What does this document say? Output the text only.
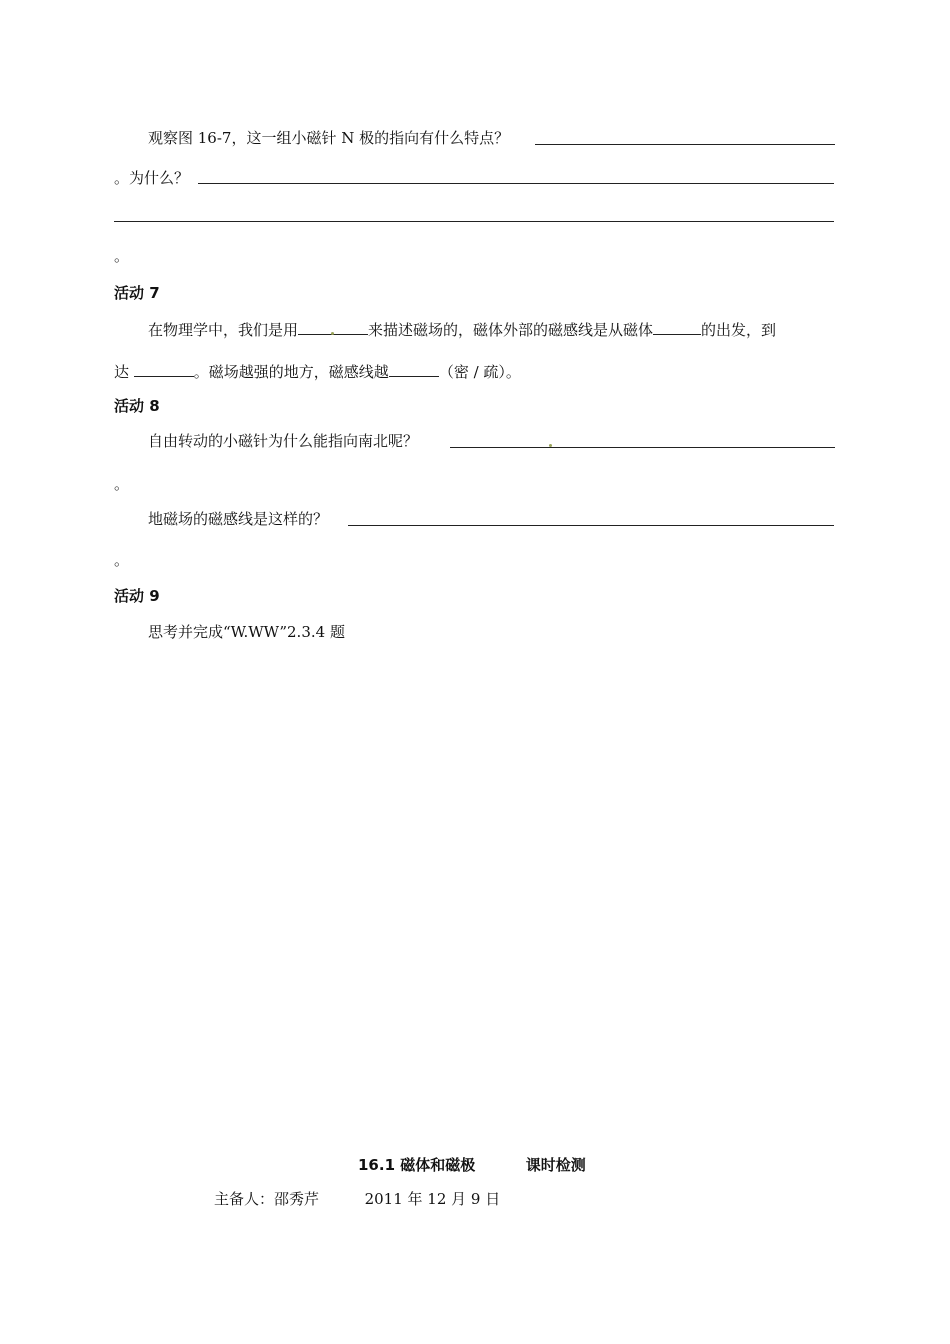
观察图 16-7，这一组小磁针 N 极的指向有什么特点？
。为什么？
。
活动 7
在物理学中，我们是用	来描述磁场的，磁体外部的磁感线是从磁体	的出发，到
达	。磁场越强的地方，磁感线越	（密 / 疏）。
活动 8
自由转动的小磁针为什么能指向南北呢？
。
地磁场的磁感线是这样的？
。
活动 9
思考并完成“W.WW”2.3.4 题
16.1 磁体和磁极	课时检测
主备人：邵秀芹	2011 年 12 月 9 日
